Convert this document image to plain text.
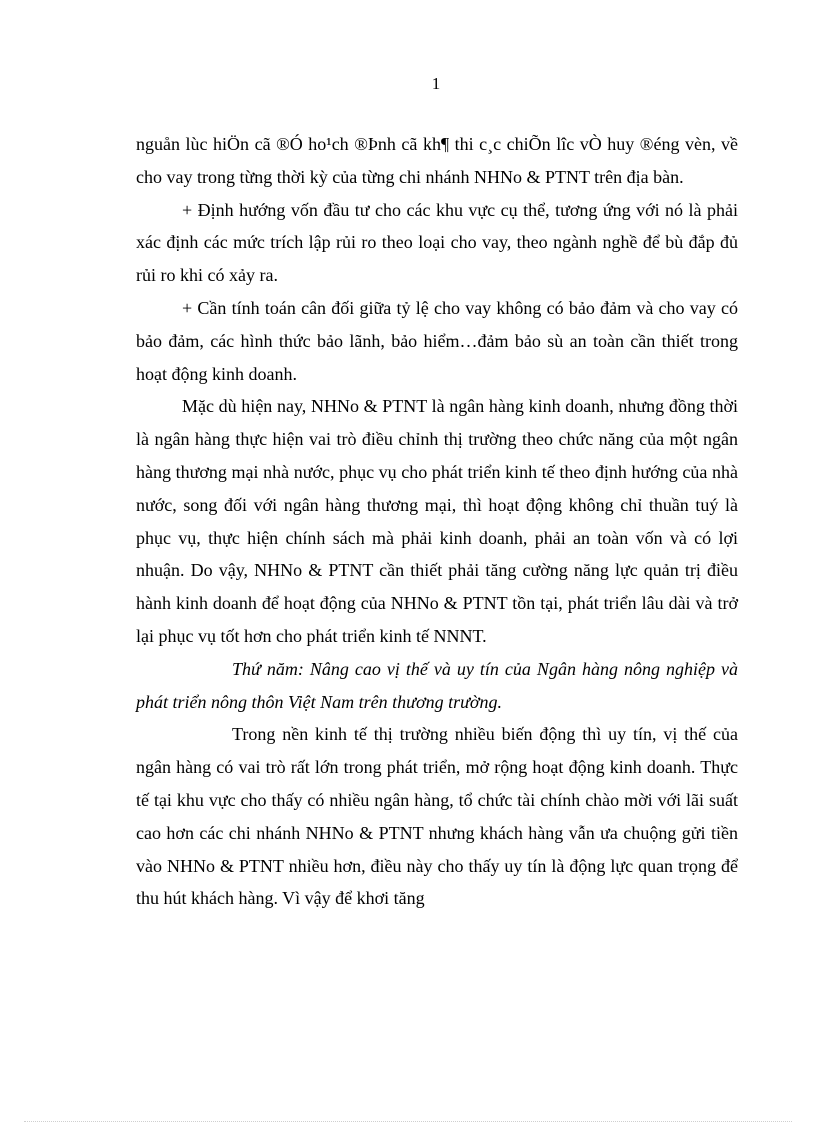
1

nguån lùc hiÖn cã ®Ó ho¹ch ®Þnh cã kh¶ thi c¸c chiÕn lîc vÒ huy ®éng vèn, về cho vay trong từng thời kỳ của từng chi nhánh NHNo & PTNT trên địa bàn.

+ Định hướng vốn đầu tư cho các khu vực cụ thể, tương ứng với nó là phải xác định các mức trích lập rủi ro theo loại cho vay, theo ngành nghề để bù đắp đủ rủi ro khi có xảy ra.

+ Cần tính toán cân đối giữa tỷ lệ cho vay không có bảo đảm và cho vay có bảo đảm, các hình thức bảo lãnh, bảo hiểm…đảm bảo sù an toàn cần thiết trong hoạt động kinh doanh.

Mặc dù hiện nay, NHNo & PTNT là ngân hàng kinh doanh, nhưng đồng thời là ngân hàng thực hiện vai trò điều chỉnh thị trường theo chức năng của một ngân hàng thương mại nhà nước, phục vụ cho phát triển kinh tế theo định hướng của nhà nước, song đối với ngân hàng thương mại, thì hoạt động không chỉ thuần tuý là phục vụ, thực hiện chính sách mà phải kinh doanh, phải an toàn vốn và có lợi nhuận. Do vậy, NHNo & PTNT cần thiết phải tăng cường năng lực quản trị điều hành kinh doanh để hoạt động của NHNo & PTNT tồn tại, phát triển lâu dài và trở lại phục vụ tốt hơn cho phát triển kinh tế NNNT.

Thứ năm: Nâng cao vị thế và uy tín của Ngân hàng nông nghiệp và phát triển nông thôn Việt Nam trên thương trường.

Trong nền kinh tế thị trường nhiều biến động thì uy tín, vị thế của ngân hàng có vai trò rất lớn trong phát triển, mở rộng hoạt động kinh doanh. Thực tế tại khu vực cho thấy có nhiều ngân hàng, tổ chức tài chính chào mời với lãi suất cao hơn các chi nhánh NHNo & PTNT nhưng khách hàng vẫn ưa chuộng gửi tiền vào NHNo & PTNT nhiều hơn, điều này cho thấy uy tín là động lực quan trọng để thu hút khách hàng. Vì vậy để khơi tăng
